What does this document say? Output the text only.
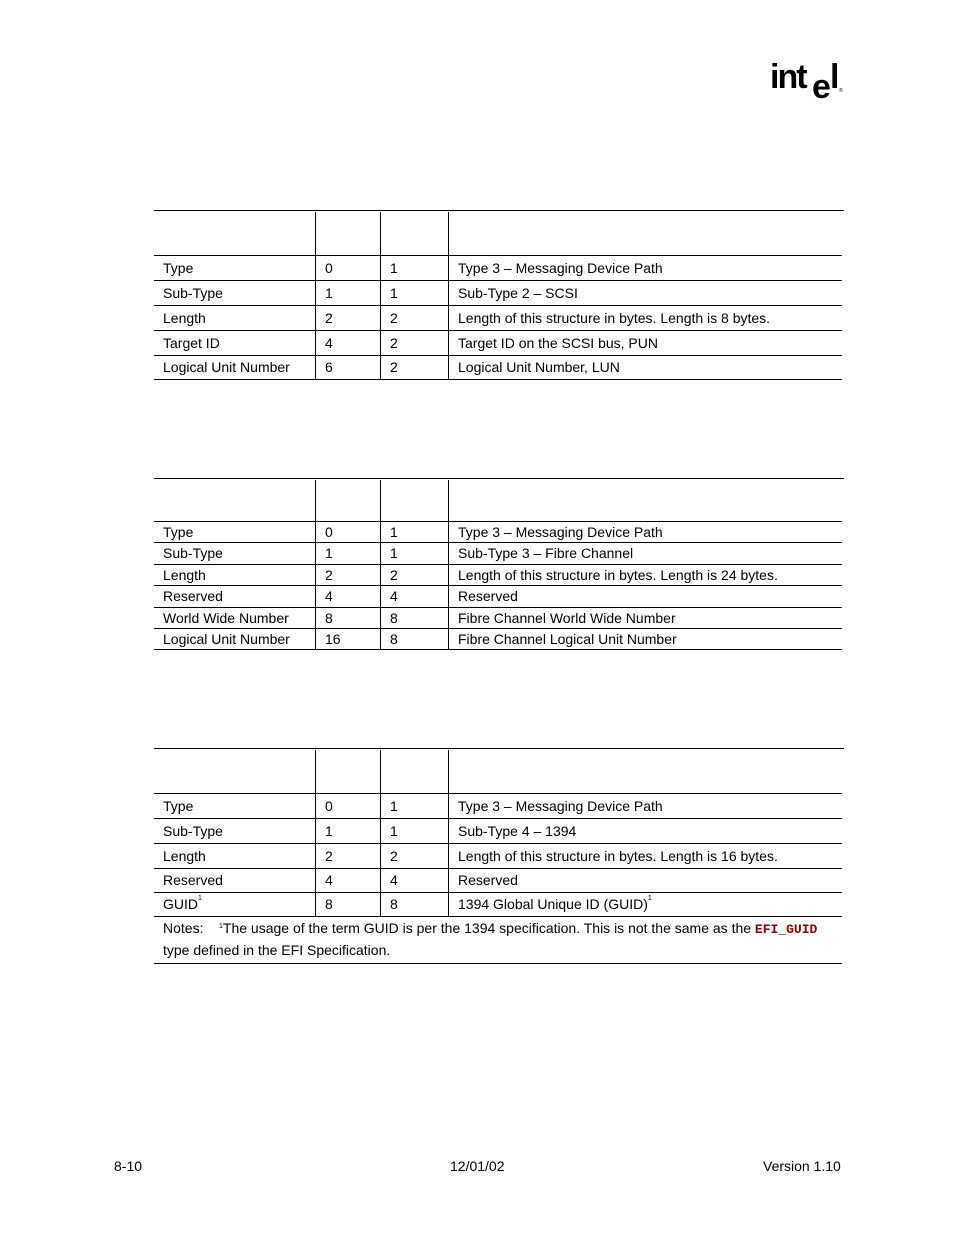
int e l ®

Type	0	1	Type 3 – Messaging Device Path
Sub-Type	1	1	Sub-Type 2 – SCSI
Length	2	2	Length of this structure in bytes. Length is 8 bytes.
Target ID	4	2	Target ID on the SCSI bus, PUN
Logical Unit Number	6	2	Logical Unit Number, LUN

Type	0	1	Type 3 – Messaging Device Path
Sub-Type	1	1	Sub-Type 3 – Fibre Channel
Length	2	2	Length of this structure in bytes. Length is 24 bytes.
Reserved	4	4	Reserved
World Wide Number	8	8	Fibre Channel World Wide Number
Logical Unit Number	16	8	Fibre Channel Logical Unit Number

Type	0	1	Type 3 – Messaging Device Path
Sub-Type	1	1	Sub-Type 4 – 1394
Length	2	2	Length of this structure in bytes. Length is 16 bytes.
Reserved	4	4	Reserved
GUID$^1$	8	8	1394 Global Unique ID (GUID)$^1$
Notes: $^1$The usage of the term GUID is per the 1394 specification. This is not the same as the EFI_GUID type defined in the EFI Specification.			
8-10	12/01/02	Version 1.10
